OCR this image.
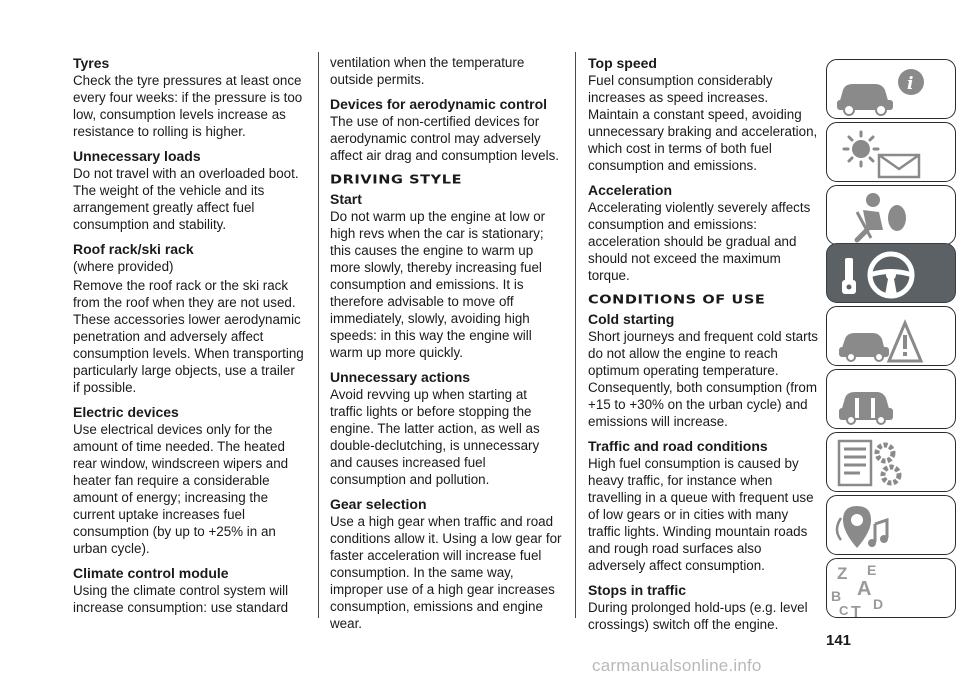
Tyres

Check the tyre pressures at least once every four weeks: if the pressure is too low, consumption levels increase as resistance to rolling is higher.

Unnecessary loads

Do not travel with an overloaded boot. The weight of the vehicle and its arrangement greatly affect fuel consumption and stability.

Roof rack/ski rack

(where provided)

Remove the roof rack or the ski rack from the roof when they are not used. These accessories lower aerodynamic penetration and adversely affect consumption levels. When transporting particularly large objects, use a trailer if possible.

Electric devices

Use electrical devices only for the amount of time needed. The heated rear window, windscreen wipers and heater fan require a considerable amount of energy; increasing the current uptake increases fuel consumption (by up to +25% in an urban cycle).

Climate control module

Using the climate control system will increase consumption: use standard

ventilation when the temperature outside permits.

Devices for aerodynamic control

The use of non-certified devices for aerodynamic control may adversely affect air drag and consumption levels.

DRIVING STYLE
Start

Do not warm up the engine at low or high revs when the car is stationary; this causes the engine to warm up more slowly, thereby increasing fuel consumption and emissions. It is therefore advisable to move off immediately, slowly, avoiding high speeds: in this way the engine will warm up more quickly.

Unnecessary actions

Avoid revving up when starting at traffic lights or before stopping the engine. The latter action, as well as double-declutching, is unnecessary and causes increased fuel consumption and pollution.

Gear selection

Use a high gear when traffic and road conditions allow it. Using a low gear for faster acceleration will increase fuel consumption. In the same way, improper use of a high gear increases consumption, emissions and engine wear.

Top speed

Fuel consumption considerably increases as speed increases. Maintain a constant speed, avoiding unnecessary braking and acceleration, which cost in terms of both fuel consumption and emissions.

Acceleration

Accelerating violently severely affects consumption and emissions: acceleration should be gradual and should not exceed the maximum torque.

CONDITIONS OF USE
Cold starting

Short journeys and frequent cold starts do not allow the engine to reach optimum operating temperature. Consequently, both consumption (from +15 to +30% on the urban cycle) and emissions will increase.

Traffic and road conditions

High fuel consumption is caused by heavy traffic, for instance when travelling in a queue with frequent use of low gears or in cities with many traffic lights. Winding mountain roads and rough road surfaces also adversely affect consumption.

Stops in traffic

During prolonged hold-ups (e.g. level crossings) switch off the engine.

i
Z E
B A
C T D
141
carmanualsonline.info
